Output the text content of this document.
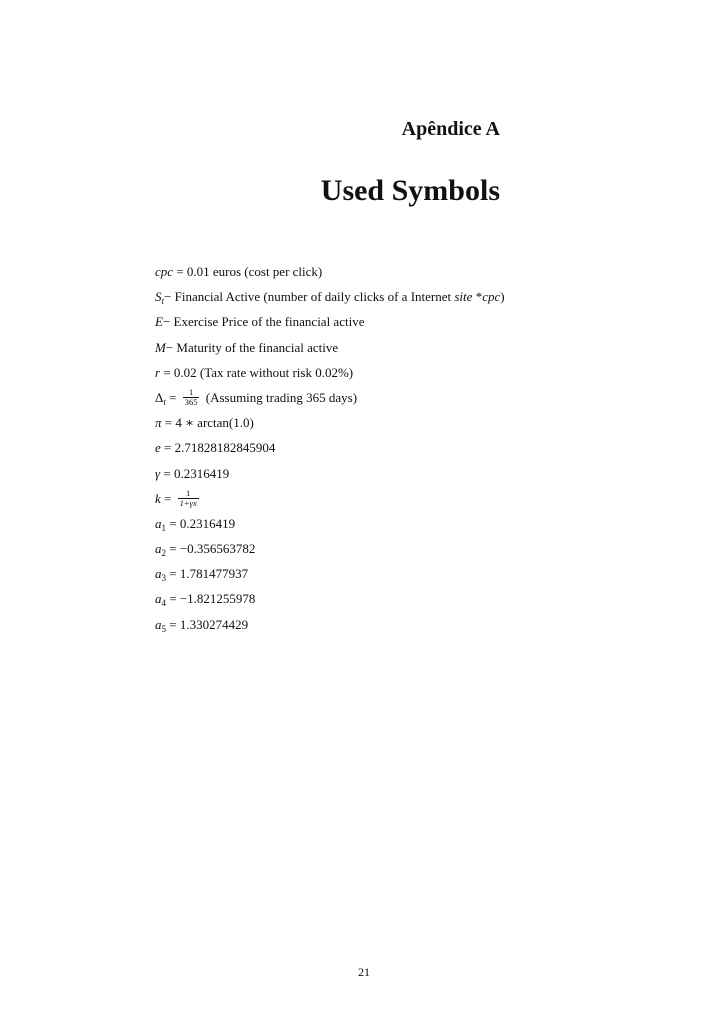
Apêndice A
Used Symbols
cpc = 0.01 euros (cost per click)
$S_t-$ Financial Active (number of daily clicks of a Internet site *cpc)
E− Exercise Price of the financial active
M− Maturity of the financial active
r = 0.02 (Tax rate without risk 0.02%)
$\Delta_t = \frac{1}{365}$ (Assuming trading 365 days)
π = 4 ∗ arctan(1.0)
e = 2.71828182845904
γ = 0.2316419
$k = \frac{1}{1+\gamma x}$
$a_1 = 0.2316419$
$a_2 = -0.356563782$
$a_3 = 1.781477937$
$a_4 = -1.821255978$
$a_5 = 1.330274429$
21
